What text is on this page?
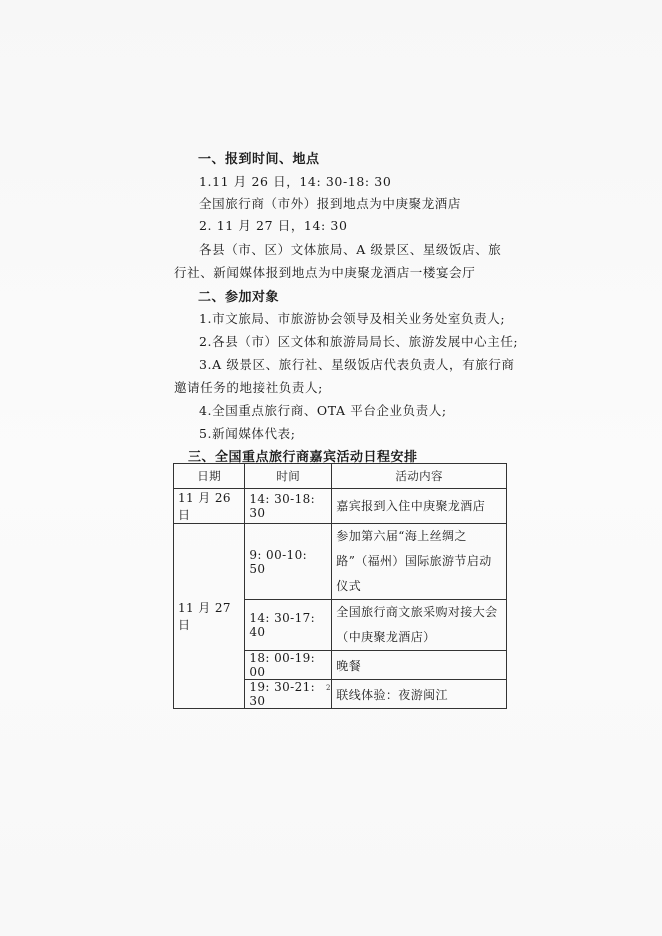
一、报到时间、地点
1.11 月 26 日，14: 30-18: 30
全国旅行商（市外）报到地点为中庚聚龙酒店
2. 11 月 27 日，14: 30
各县（市、区）文体旅局、A 级景区、星级饭店、旅
行社、新闻媒体报到地点为中庚聚龙酒店一楼宴会厅
二、参加对象
1.市文旅局、市旅游协会领导及相关业务处室负责人;
2.各县（市）区文体和旅游局局长、旅游发展中心主任;
3.A 级景区、旅行社、星级饭店代表负责人，有旅行商
邀请任务的地接社负责人;
4.全国重点旅行商、OTA 平台企业负责人;
5.新闻媒体代表;
三、全国重点旅行商嘉宾活动日程安排
日期	时间	活动内容
11 月 26 日	14: 30-18: 30	嘉宾报到入住中庚聚龙酒店
11 月 27 日	9: 00-10: 50	参加第六届“海上丝绸之路”（福州）国际旅游节启动仪式
	14: 30-17: 40	全国旅行商文旅采购对接大会（中庚聚龙酒店）
	18: 00-19: 00	晚餐
	19: 30-21: 30	联线体验：夜游闽江
2
